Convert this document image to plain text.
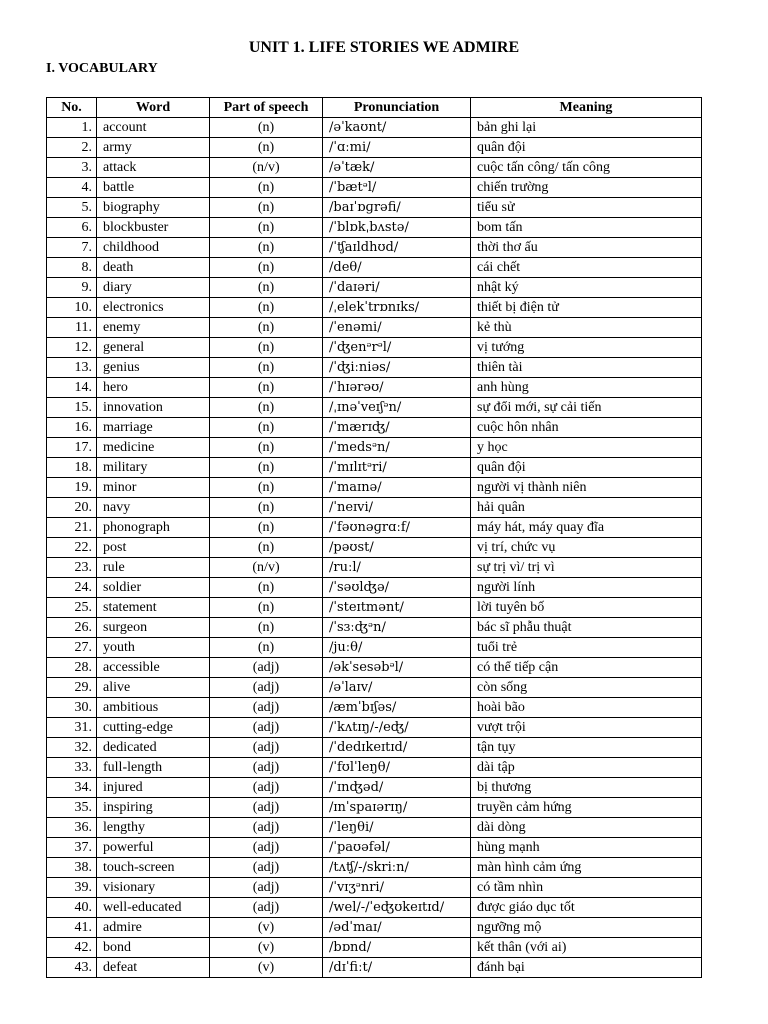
UNIT 1. LIFE STORIES WE ADMIRE
I. VOCABULARY
No.	Word	Part of speech	Pronunciation	Meaning
1.	account	(n)	/əˈkaʊnt/	bản ghi lại
2.	army	(n)	/ˈɑːmi/	quân đội
3.	attack	(n/v)	/əˈtæk/	cuộc tấn công/ tấn công
4.	battle	(n)	/ˈbætᵊl/	chiến trường
5.	biography	(n)	/baɪˈɒɡrəfi/	tiểu sử
6.	blockbuster	(n)	/ˈblɒkˌbʌstə/	bom tấn
7.	childhood	(n)	/ˈʧaɪldhʊd/	thời thơ ấu
8.	death	(n)	/deθ/	cái chết
9.	diary	(n)	/ˈdaɪəri/	nhật ký
10.	electronics	(n)	/ˌelekˈtrɒnɪks/	thiết bị điện tử
11.	enemy	(n)	/ˈenəmi/	kẻ thù
12.	general	(n)	/ˈʤenᵊrᵊl/	vị tướng
13.	genius	(n)	/ˈʤiːniəs/	thiên tài
14.	hero	(n)	/ˈhɪərəʊ/	anh hùng
15.	innovation	(n)	/ˌɪnəˈveɪʃᵊn/	sự đổi mới, sự cải tiến
16.	marriage	(n)	/ˈmærɪʤ/	cuộc hôn nhân
17.	medicine	(n)	/ˈmedsᵊn/	y học
18.	military	(n)	/ˈmɪlɪtᵊri/	quân đội
19.	minor	(n)	/ˈmaɪnə/	người vị thành niên
20.	navy	(n)	/ˈneɪvi/	hải quân
21.	phonograph	(n)	/ˈfəʊnəɡrɑːf/	máy hát, máy quay đĩa
22.	post	(n)	/pəʊst/	vị trí, chức vụ
23.	rule	(n/v)	/ruːl/	sự trị vì/ trị vì
24.	soldier	(n)	/ˈsəʊlʤə/	người lính
25.	statement	(n)	/ˈsteɪtmənt/	lời tuyên bố
26.	surgeon	(n)	/ˈsɜːʤᵊn/	bác sĩ phẫu thuật
27.	youth	(n)	/juːθ/	tuổi trẻ
28.	accessible	(adj)	/əkˈsesəbᵊl/	có thể tiếp cận
29.	alive	(adj)	/əˈlaɪv/	còn sống
30.	ambitious	(adj)	/æmˈbɪʃəs/	hoài bão
31.	cutting-edge	(adj)	/ˈkʌtɪŋ/-/eʤ/	vượt trội
32.	dedicated	(adj)	/ˈdedɪkeɪtɪd/	tận tụy
33.	full-length	(adj)	/ˈfʊlˈleŋθ/	dài tập
34.	injured	(adj)	/ˈɪnʤəd/	bị thương
35.	inspiring	(adj)	/ɪnˈspaɪərɪŋ/	truyền cảm hứng
36.	lengthy	(adj)	/ˈleŋθi/	dài dòng
37.	powerful	(adj)	/ˈpaʊəfəl/	hùng mạnh
38.	touch-screen	(adj)	/tʌʧ/-/skriːn/	màn hình cảm ứng
39.	visionary	(adj)	/ˈvɪʒᵊnri/	có tầm nhìn
40.	well-educated	(adj)	/wel/-/ˈeʤʊkeɪtɪd/	được giáo dục tốt
41.	admire	(v)	/ədˈmaɪ/	ngưỡng mộ
42.	bond	(v)	/bɒnd/	kết thân (với ai)
43.	defeat	(v)	/dɪˈfiːt/	đánh bại
